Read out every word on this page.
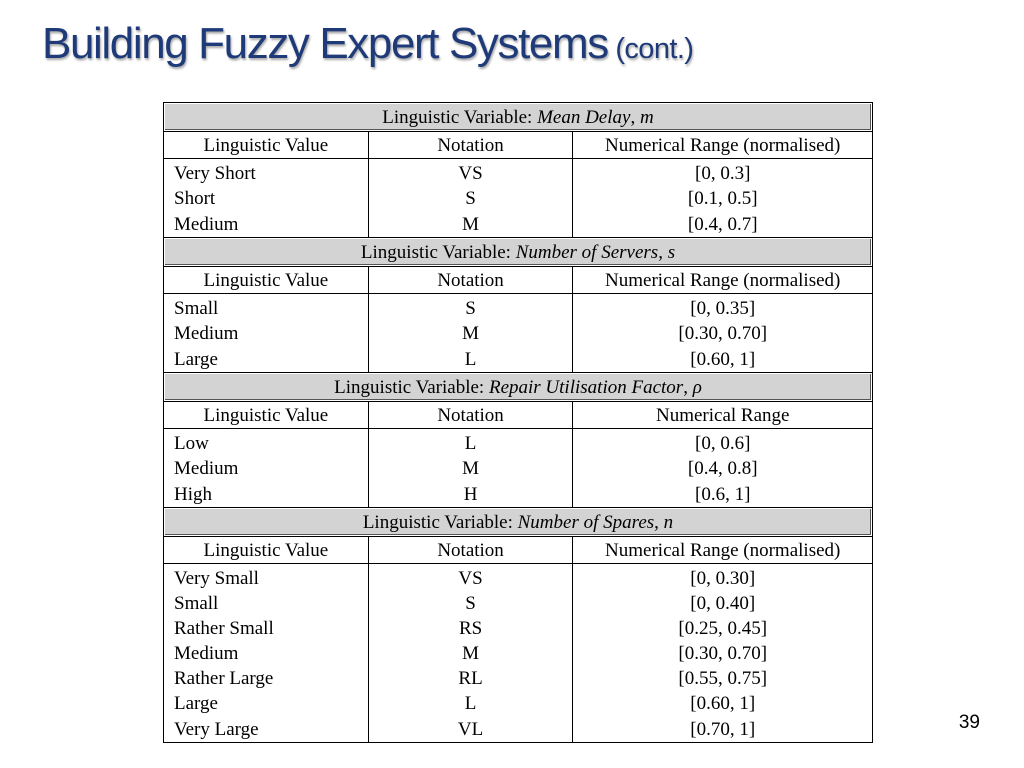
Building Fuzzy Expert Systems (cont.)
Linguistic Variable: Mean Delay, m		
Linguistic Value	Notation	Numerical Range (normalised)
Very Short	VS	[0, 0.3]
Short	S	[0.1, 0.5]
Medium	M	[0.4, 0.7]
Linguistic Variable: Number of Servers, s		
Linguistic Value	Notation	Numerical Range (normalised)
Small	S	[0, 0.35]
Medium	M	[0.30, 0.70]
Large	L	[0.60, 1]
Linguistic Variable: Repair Utilisation Factor, ρ		
Linguistic Value	Notation	Numerical Range
Low	L	[0, 0.6]
Medium	M	[0.4, 0.8]
High	H	[0.6, 1]
Linguistic Variable: Number of Spares, n		
Linguistic Value	Notation	Numerical Range (normalised)
Very Small	VS	[0, 0.30]
Small	S	[0, 0.40]
Rather Small	RS	[0.25, 0.45]
Medium	M	[0.30, 0.70]
Rather Large	RL	[0.55, 0.75]
Large	L	[0.60, 1]
Very Large	VL	[0.70, 1]	39
